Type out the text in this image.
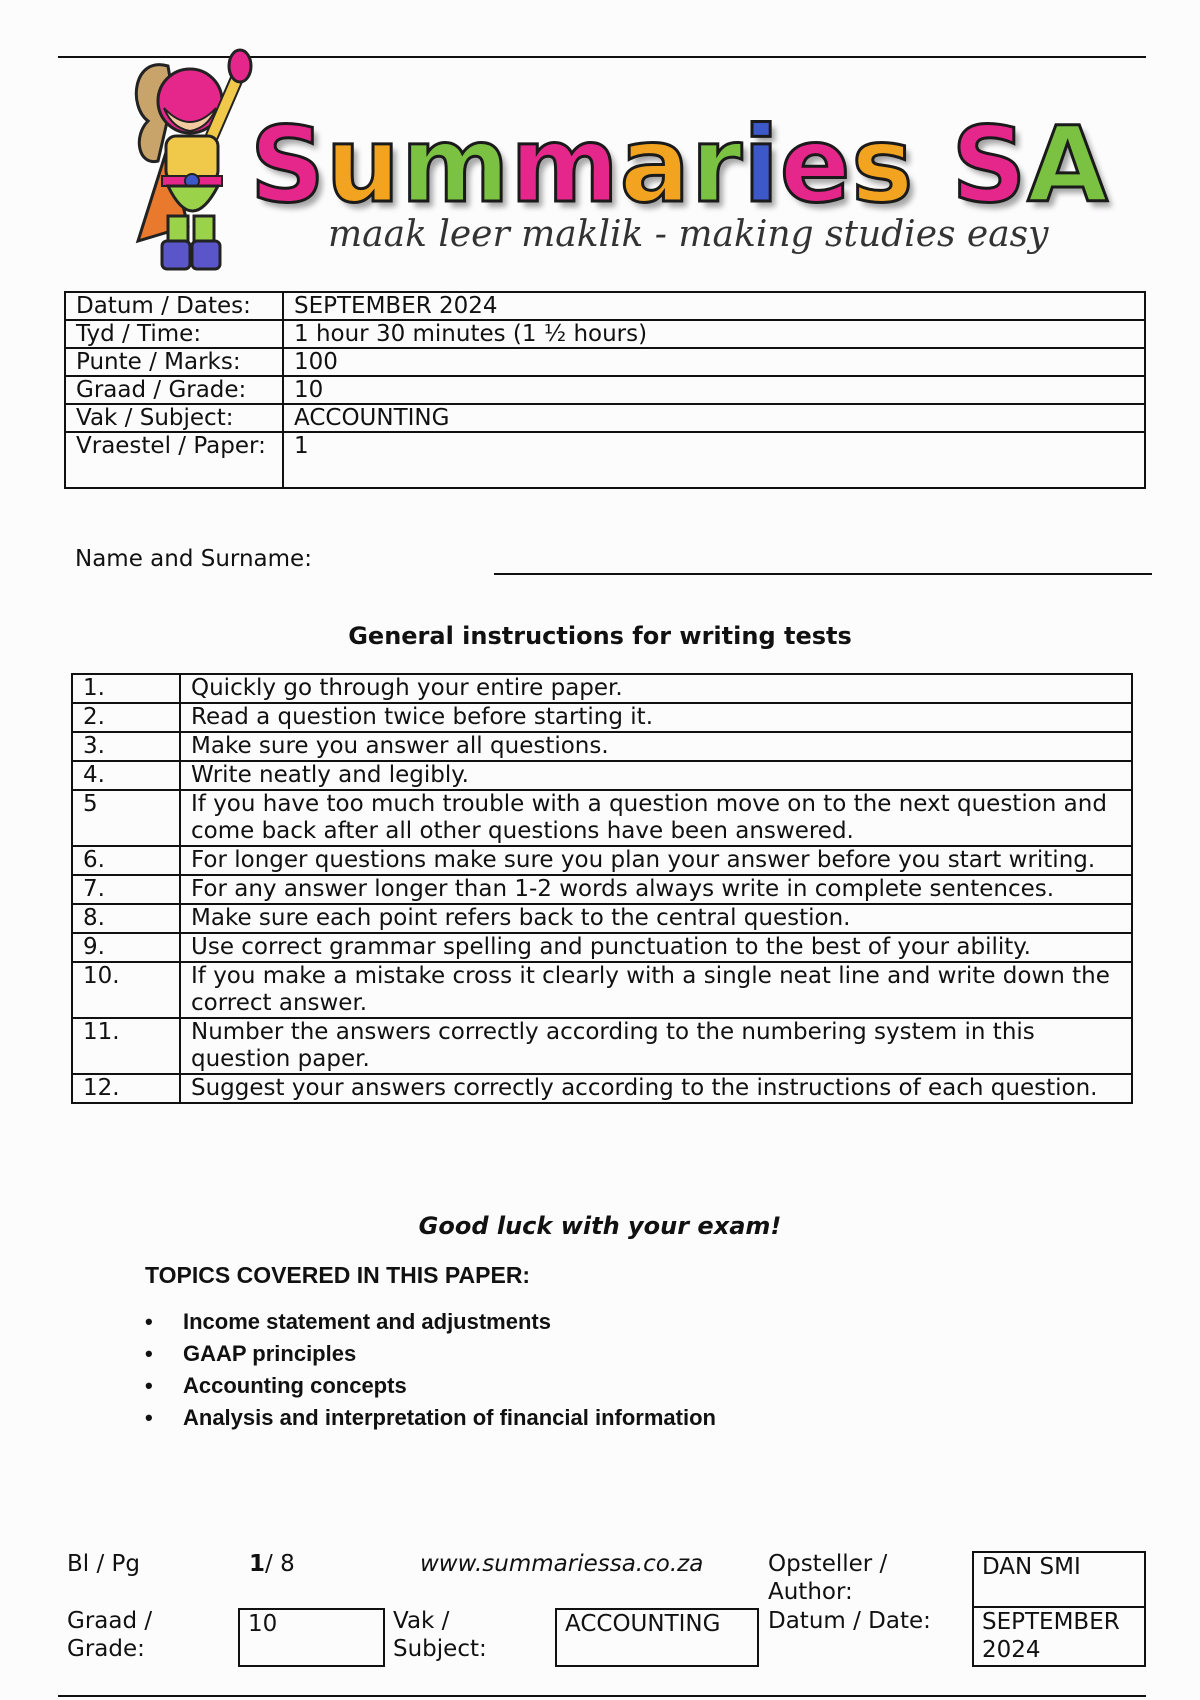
Summaries SA
maak leer maklik - making studies easy
Datum / Dates:	SEPTEMBER 2024
Tyd / Time:	1 hour 30 minutes (1 ½ hours)
Punte / Marks:	100
Graad / Grade:	10
Vak / Subject:	ACCOUNTING
Vraestel / Paper:	1
Name and Surname:
General instructions for writing tests
1.	Quickly go through your entire paper.
2.	Read a question twice before starting it.
3.	Make sure you answer all questions.
4.	Write neatly and legibly.
5	If you have too much trouble with a question move on to the next question and come back after all other questions have been answered.
6.	For longer questions make sure you plan your answer before you start writing.
7.	For any answer longer than 1-2 words always write in complete sentences.
8.	Make sure each point refers back to the central question.
9.	Use correct grammar spelling and punctuation to the best of your ability.
10.	If you make a mistake cross it clearly with a single neat line and write down the correct answer.
11.	Number the answers correctly according to the numbering system in this question paper.
12.	Suggest your answers correctly according to the instructions of each question.
Good luck with your exam!
TOPICS COVERED IN THIS PAPER:
• Income statement and adjustments
• GAAP principles
• Accounting concepts
• Analysis and interpretation of financial information
Bl / Pg	1/ 8	www.summariessa.co.za	Opsteller / Author:
DAN SMI
Graad / Grade:
10	Vak / Subject:
ACCOUNTING	Datum / Date:	SEPTEMBER 2024
